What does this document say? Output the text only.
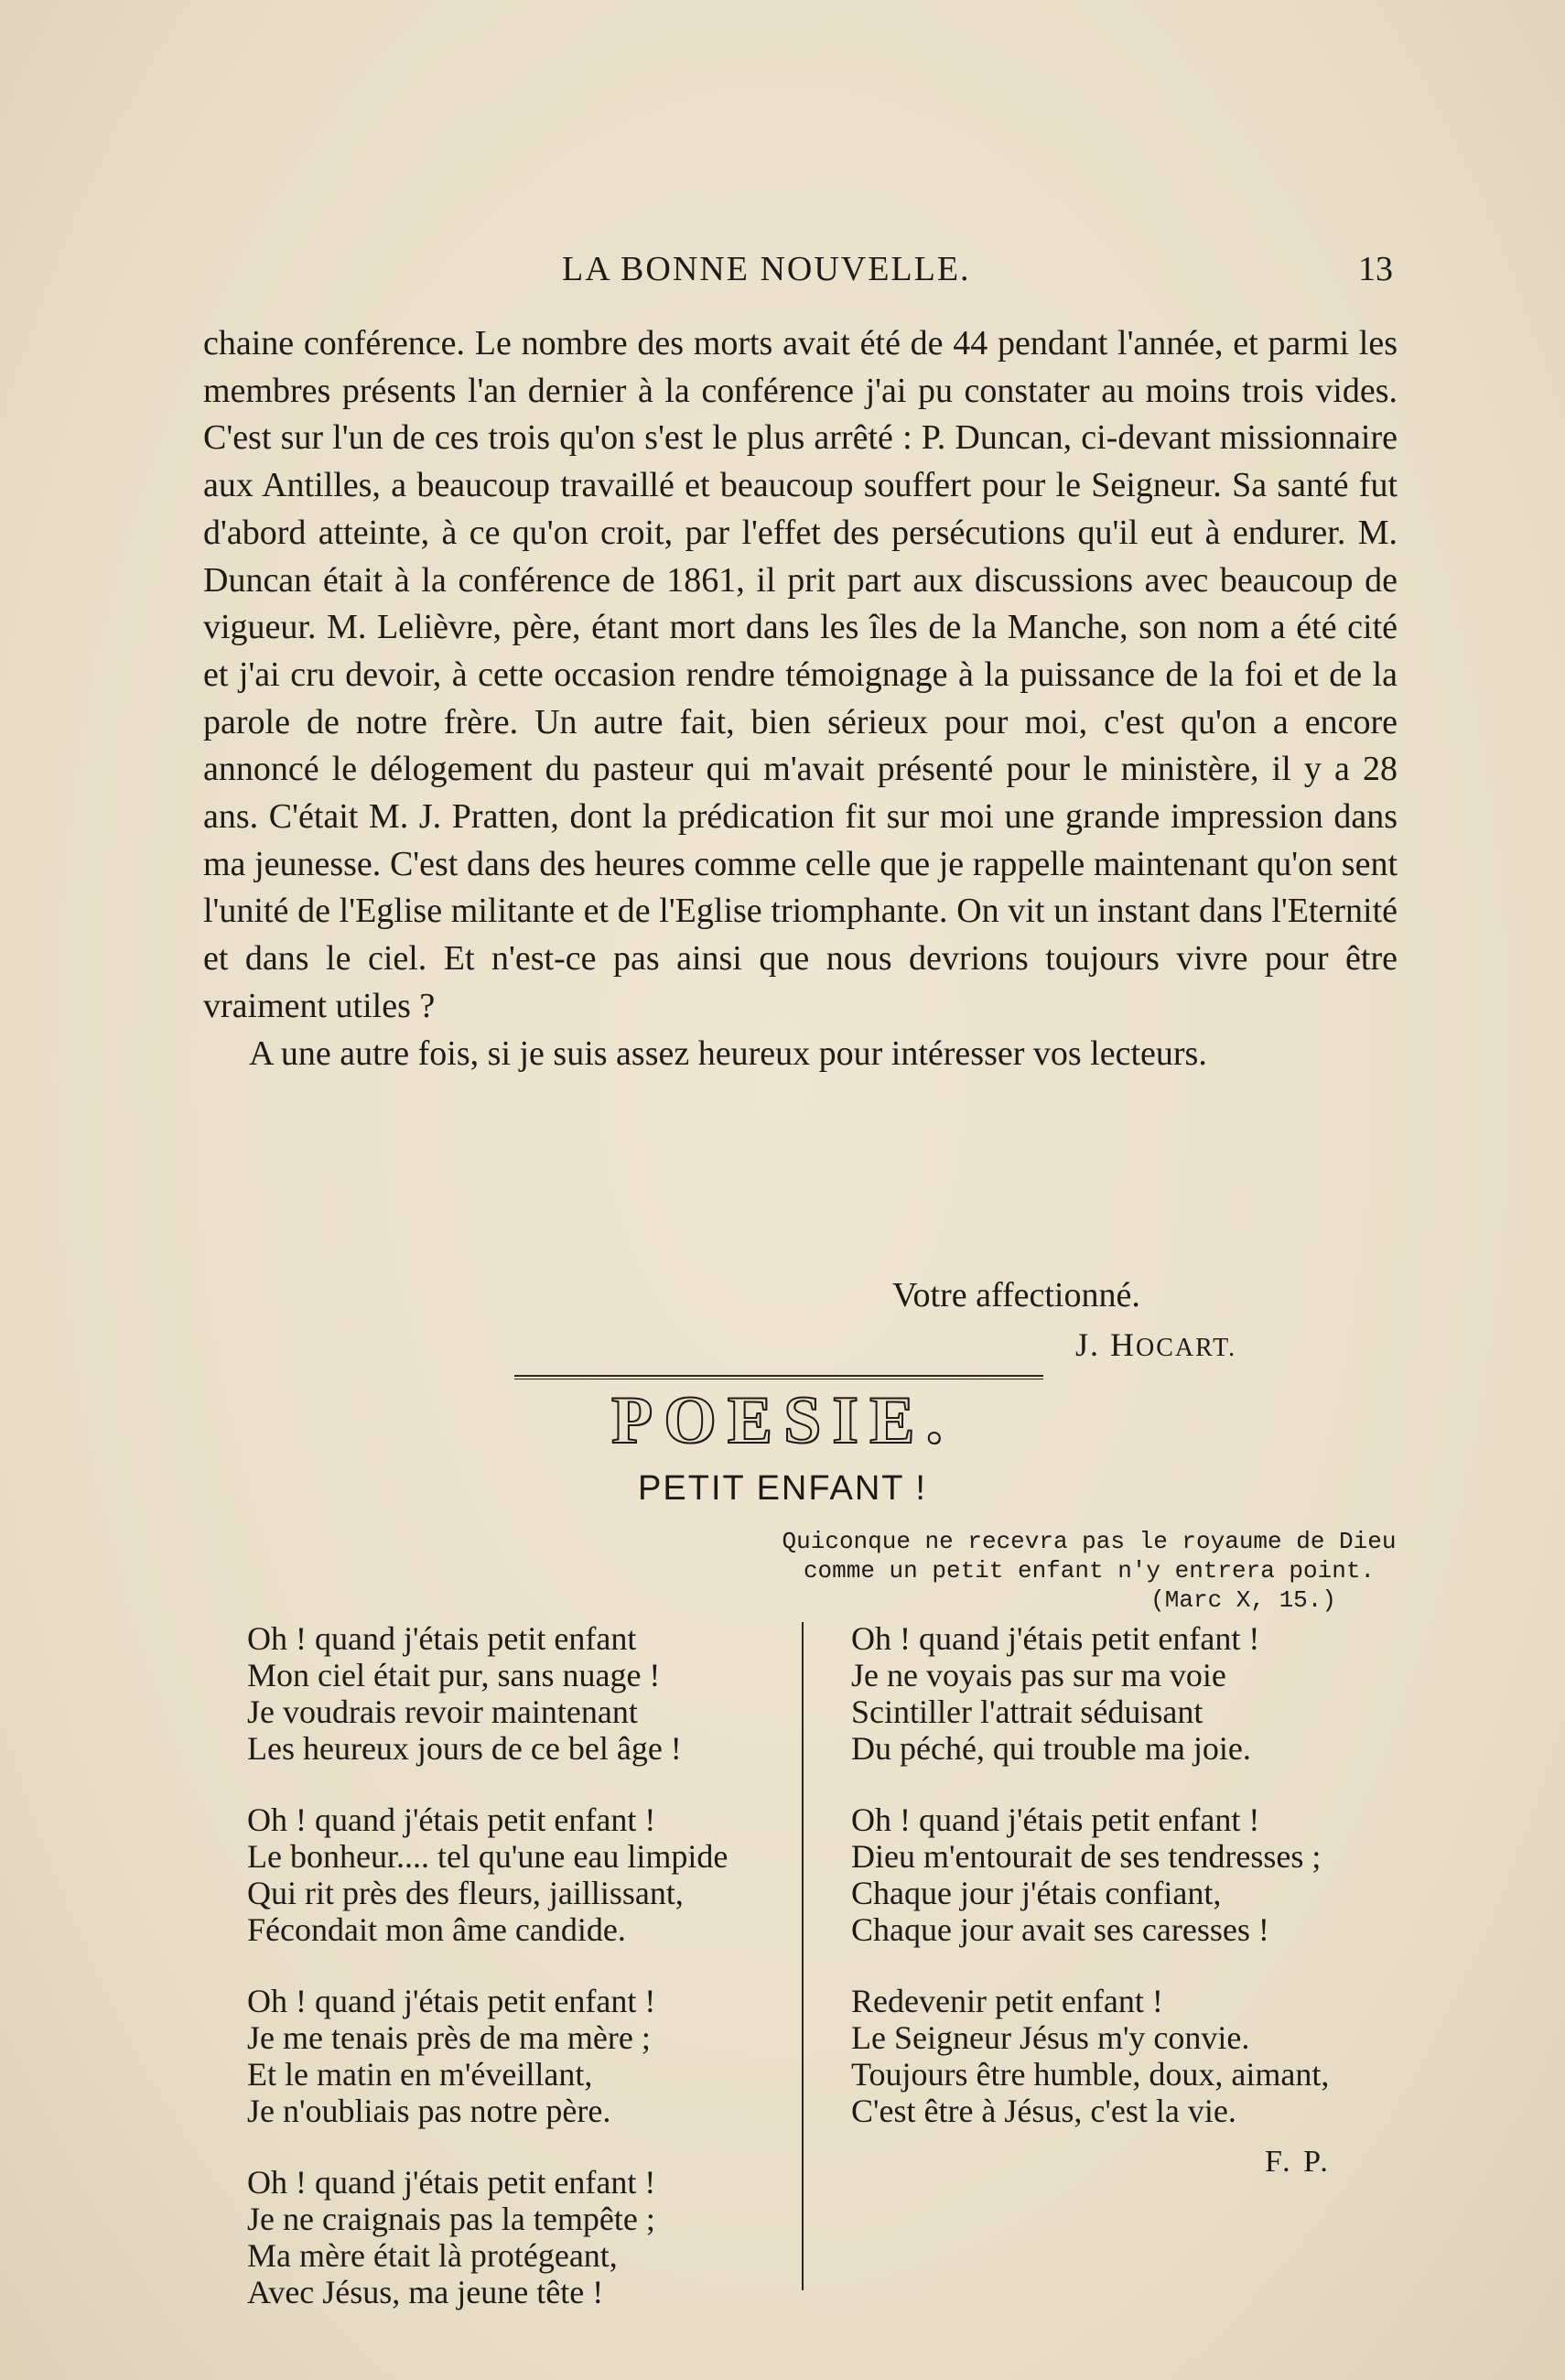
LA BONNE NOUVELLE.	13

chaine conférence. Le nombre des morts avait été de 44 pendant l'année, et parmi les membres présents l'an dernier à la conférence j'ai pu constater au moins trois vides. C'est sur l'un de ces trois qu'on s'est le plus arrêté : P. Duncan, ci-devant missionnaire aux Antilles, a beaucoup travaillé et beaucoup souffert pour le Seigneur. Sa santé fut d'abord atteinte, à ce qu'on croit, par l'effet des persécutions qu'il eut à endurer. M. Duncan était à la conférence de 1861, il prit part aux discussions avec beaucoup de vigueur. M. Lelièvre, père, étant mort dans les îles de la Manche, son nom a été cité et j'ai cru devoir, à cette occasion rendre témoignage à la puissance de la foi et de la parole de notre frère. Un autre fait, bien sérieux pour moi, c'est qu'on a encore annoncé le délogement du pasteur qui m'avait présenté pour le ministère, il y a 28 ans. C'était M. J. Pratten, dont la prédication fit sur moi une grande impression dans ma jeunesse. C'est dans des heures comme celle que je rappelle maintenant qu'on sent l'unité de l'Eglise militante et de l'Eglise triomphante. On vit un instant dans l'Eternité et dans le ciel. Et n'est-ce pas ainsi que nous devrions toujours vivre pour être vraiment utiles ?

A une autre fois, si je suis assez heureux pour intéresser vos lecteurs.

Votre affectionné.
J. HOCART.
POESIE.
PETIT ENFANT !
Quiconque ne recevra pas le royaume de Dieu
comme un petit enfant n'y entrera point.
(Marc X, 15.)
Oh ! quand j'étais petit enfant
Mon ciel était pur, sans nuage !
Je voudrais revoir maintenant
Les heureux jours de ce bel âge !
Oh ! quand j'étais petit enfant !
Le bonheur.... tel qu'une eau limpide
Qui rit près des fleurs, jaillissant,
Fécondait mon âme candide.
Oh ! quand j'étais petit enfant !
Je me tenais près de ma mère ;
Et le matin en m'éveillant,
Je n'oubliais pas notre père.
Oh ! quand j'étais petit enfant !
Je ne craignais pas la tempête ;
Ma mère était là protégeant,
Avec Jésus, ma jeune tête !
Oh ! quand j'étais petit enfant !
Je ne voyais pas sur ma voie
Scintiller l'attrait séduisant
Du péché, qui trouble ma joie.
Oh ! quand j'étais petit enfant !
Dieu m'entourait de ses tendresses ;
Chaque jour j'étais confiant,
Chaque jour avait ses caresses !
Redevenir petit enfant !
Le Seigneur Jésus m'y convie.
Toujours être humble, doux, aimant,
C'est être à Jésus, c'est la vie.
F. P.
